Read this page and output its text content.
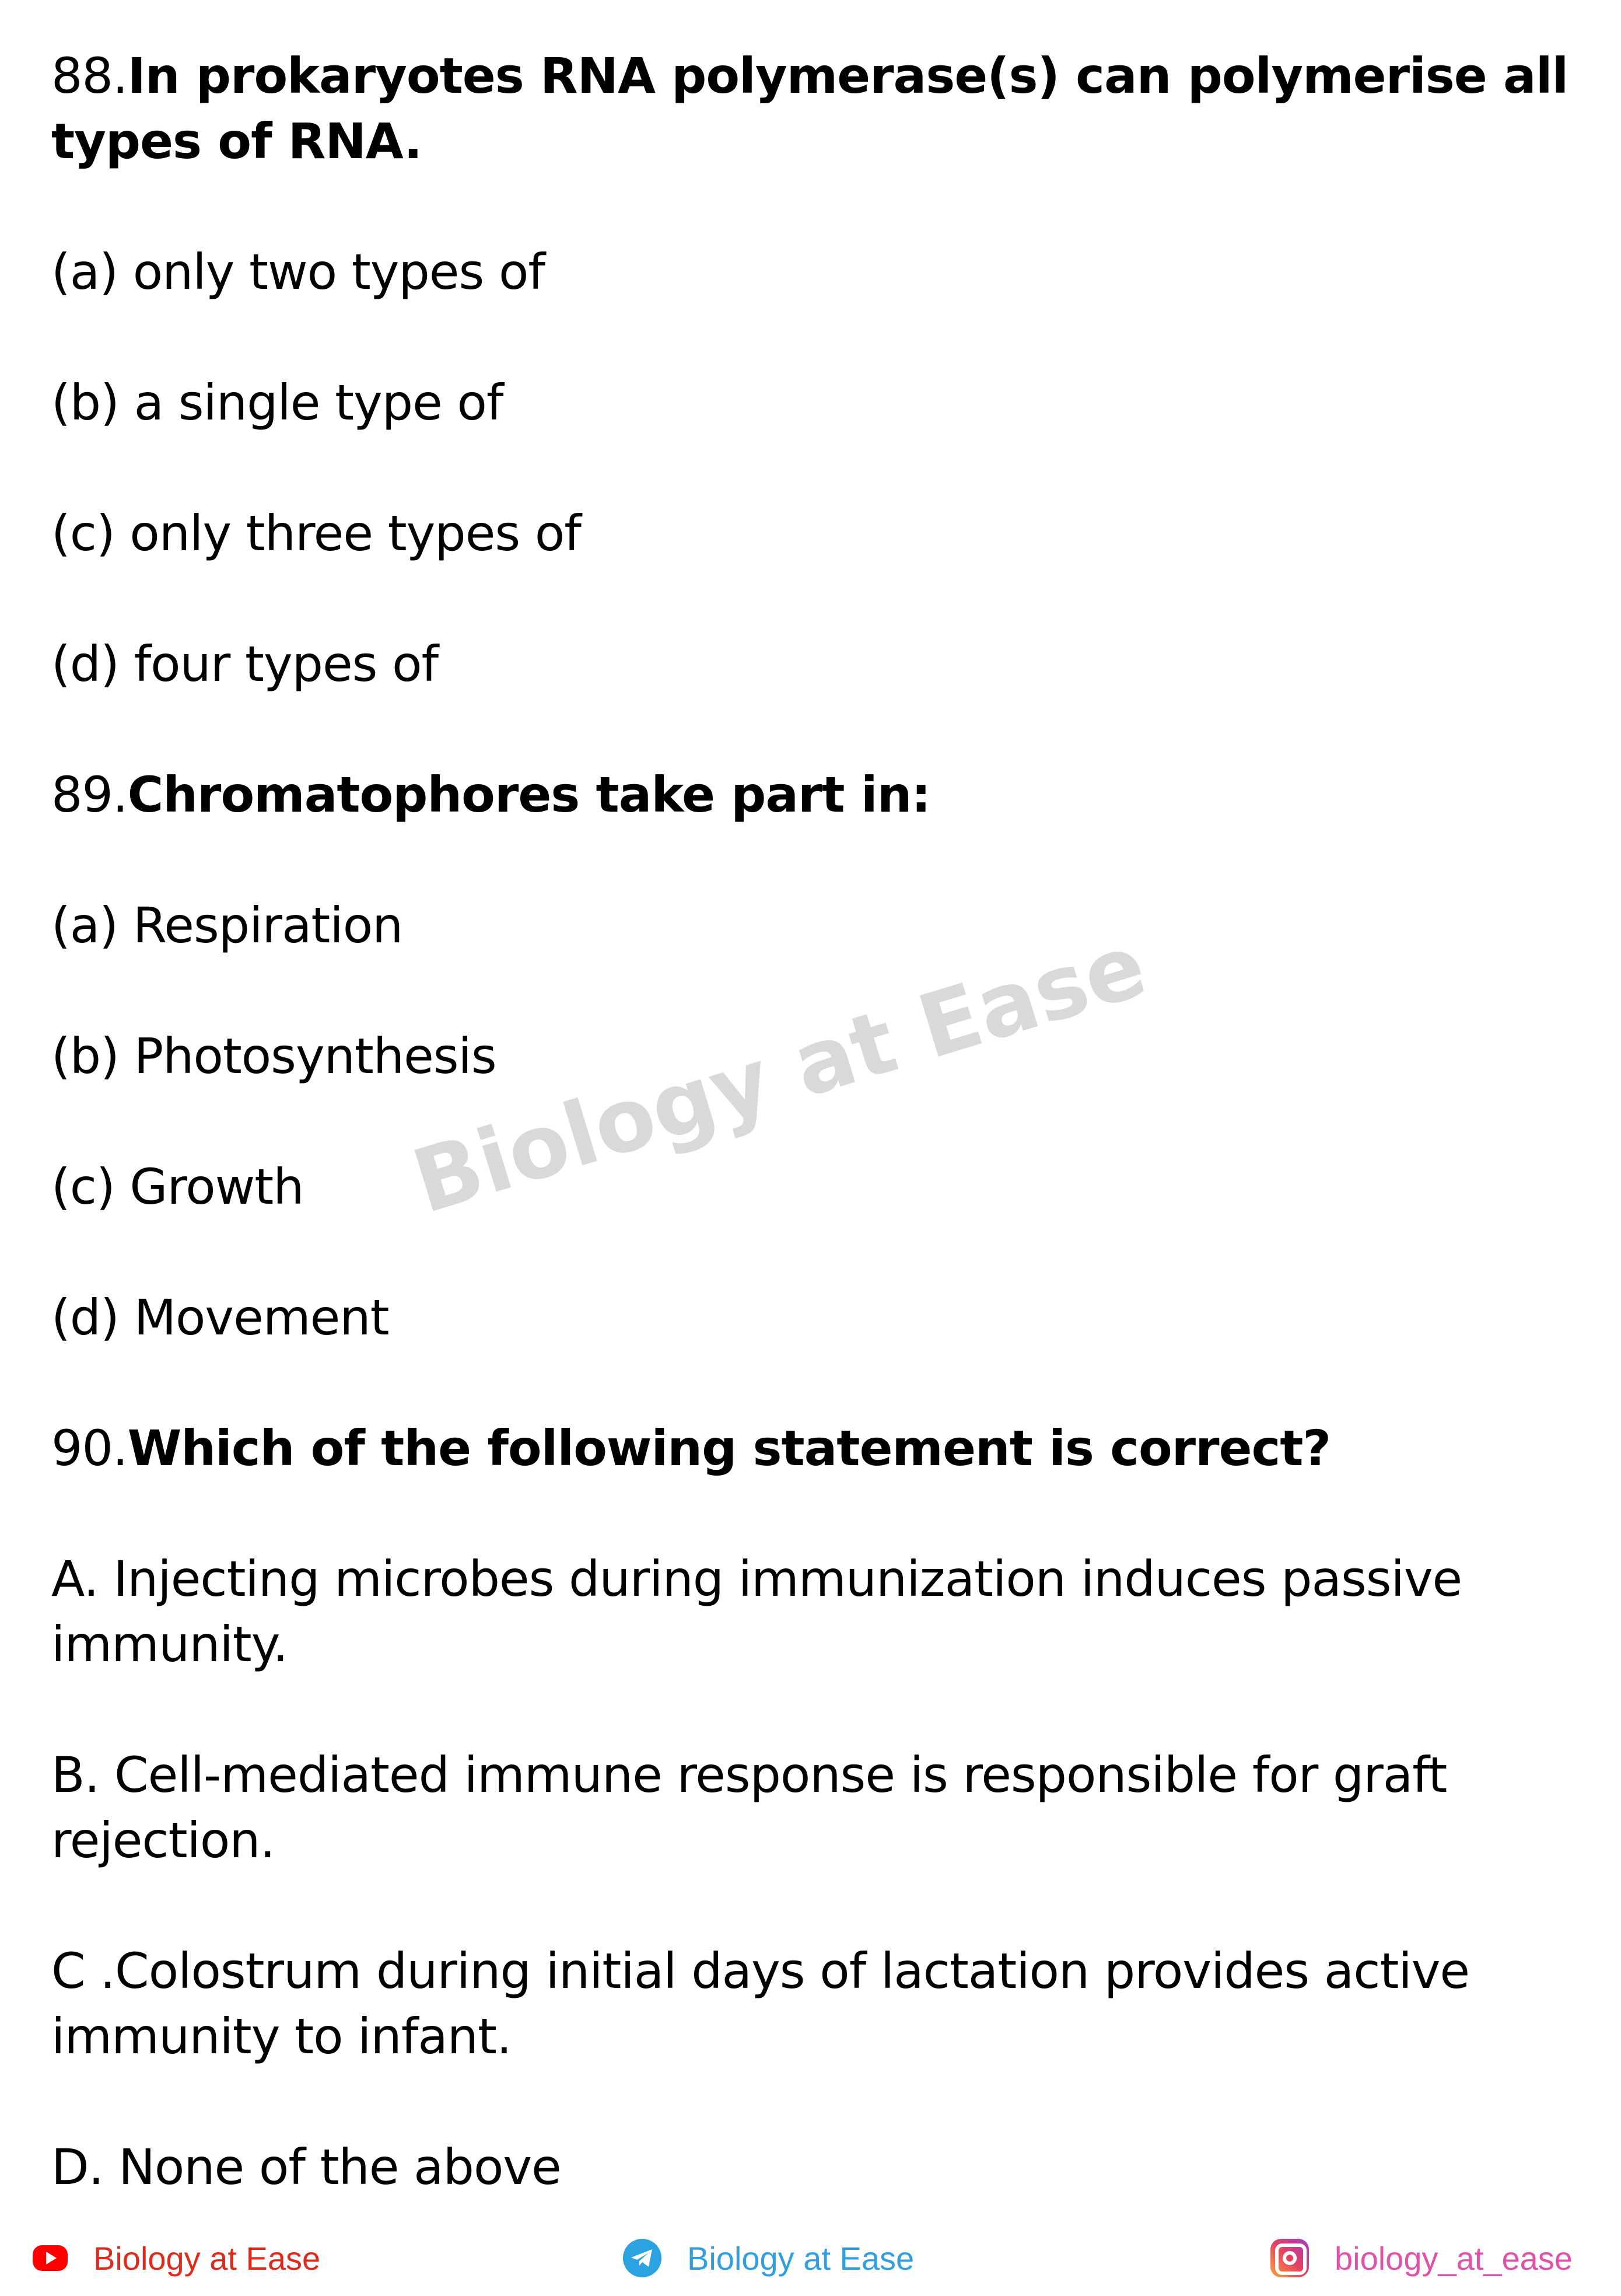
88.In prokaryotes RNA polymerase(s) can polymerise all
types of RNA.
(a) only two types of
(b) a single type of
(c) only three types of
(d) four types of
89.Chromatophores take part in:
(a) Respiration
(b) Photosynthesis
(c) Growth
(d) Movement
90.Which of the following statement is correct?
A. Injecting microbes during immunization induces passive
immunity.
B. Cell-mediated immune response is responsible for graft
rejection.
C .Colostrum during initial days of lactation provides active
immunity to infant.
D. None of the above
Biology at Ease
Biology at Ease	Biology at Ease	biology_at_ease
